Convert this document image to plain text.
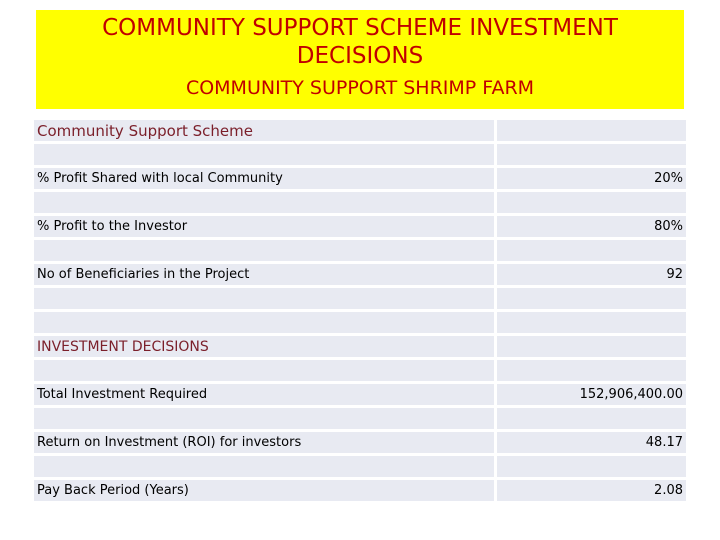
COMMUNITY SUPPORT SCHEME INVESTMENT DECISIONS
COMMUNITY SUPPORT SHRIMP FARM
Community Support Scheme
% Profit Shared with local Community	20%
% Profit to the Investor	80%
No of Beneficiaries in the Project	92
INVESTMENT DECISIONS
Total Investment Required	152,906,400.00
Return on Investment (ROI) for investors	48.17
Pay Back Period (Years)	2.08
